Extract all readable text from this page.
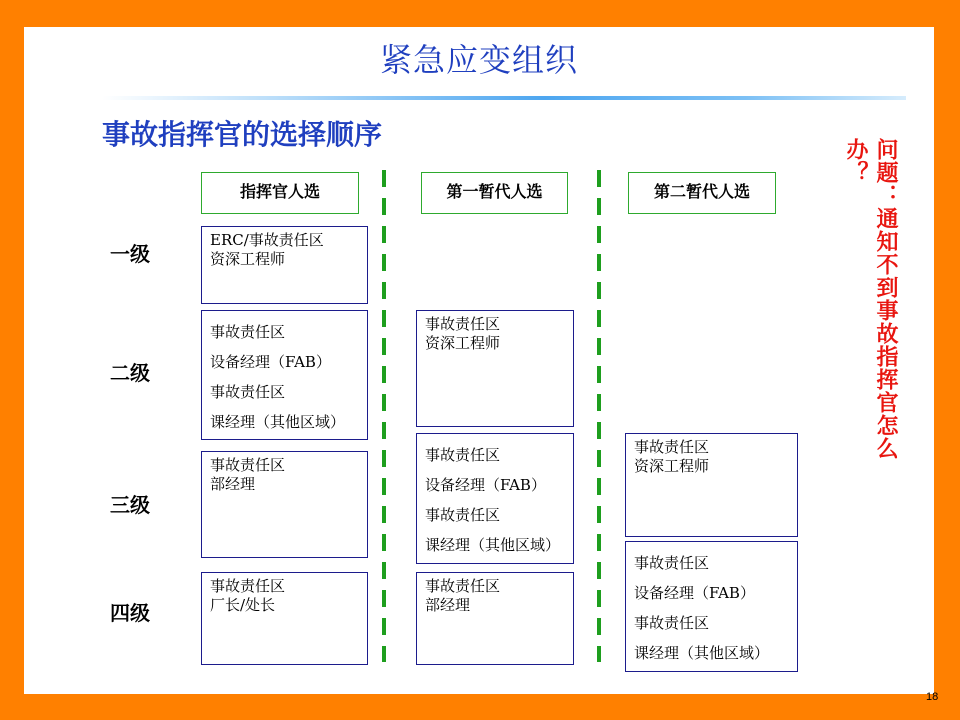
紧急应变组织
事故指挥官的选择顺序
指挥官人选	第一暂代人选	第二暂代人选
一级
二级
三级
四级
ERC/事故责任区
资深工程师
事故责任区
设备经理（FAB）
事故责任区
课经理（其他区域）
事故责任区
部经理
事故责任区
厂长/处长
事故责任区
资深工程师
事故责任区
设备经理（FAB）
事故责任区
课经理（其他区域）
事故责任区
部经理
事故责任区
资深工程师
事故责任区
设备经理（FAB）
事故责任区
课经理（其他区域）
问题：通知不到事故指挥官怎么
办？
18
